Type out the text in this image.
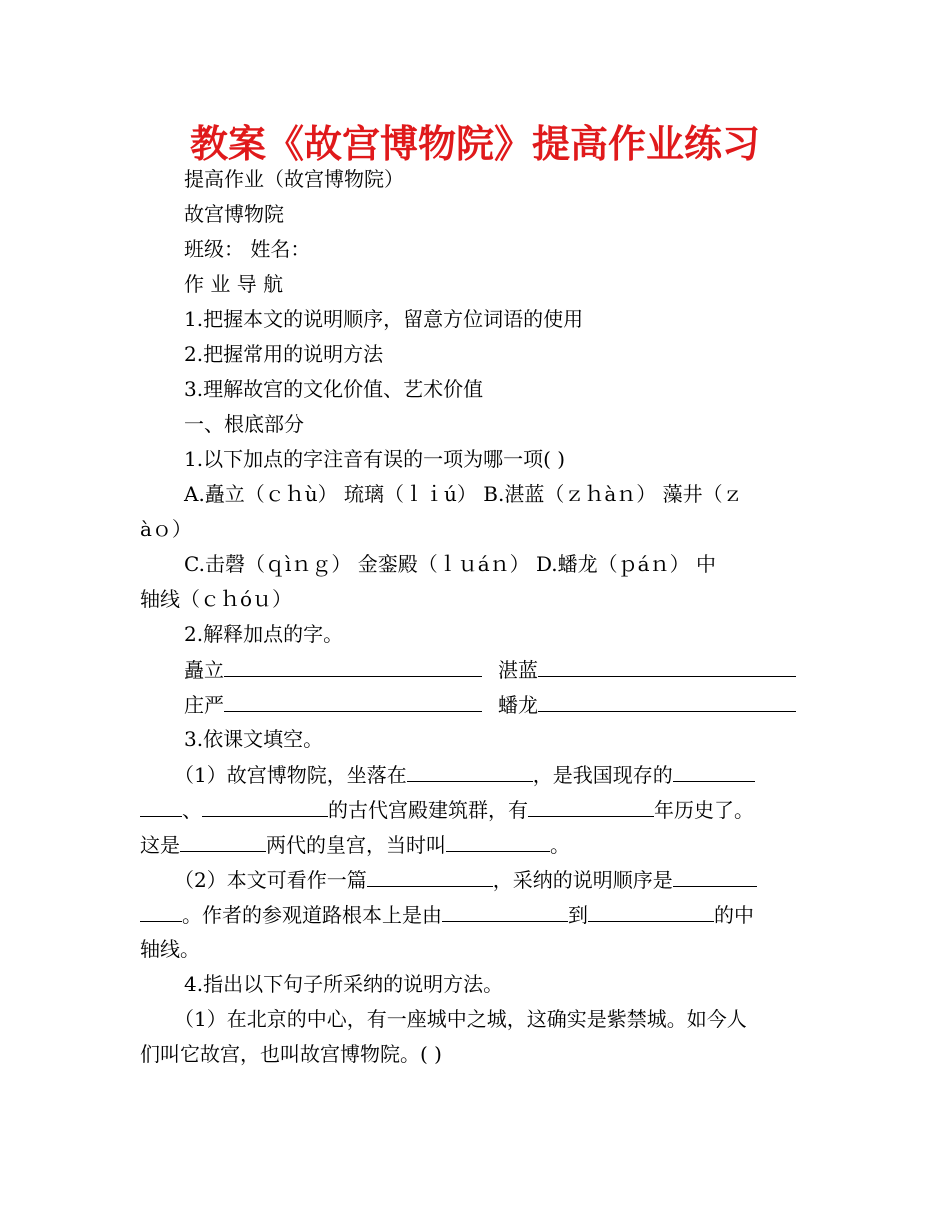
教案《故宫博物院》提高作业练习
提高作业（故宫博物院）
故宫博物院
班级： 姓名：
作 业 导 航
1.把握本文的说明顺序，留意方位词语的使用
2.把握常用的说明方法
3.理解故宫的文化价值、艺术价值
一、根底部分
1.以下加点的字注音有误的一项为哪一项( )
A.矗立（ｃｈù） 琉璃（ｌｉú） B.湛蓝（ｚｈàｎ） 藻井（ｚ
àｏ）
C.击磬（ｑìｎｇ） 金銮殿（ｌｕáｎ） D.蟠龙（ｐáｎ） 中
轴线（ｃｈóｕ）
2.解释加点的字。
矗立	湛蓝
庄严	蟠龙
3.依课文填空。
（1）故宫博物院，坐落在	，是我国现存的
、	的古代宫殿建筑群，有	年历史了。
这是	两代的皇宫，当时叫	。
（2）本文可看作一篇	，采纳的说明顺序是
。作者的参观道路根本上是由	到	的中
轴线。
4.指出以下句子所采纳的说明方法。
（1）在北京的中心，有一座城中之城，这确实是紫禁城。如今人
们叫它故宫，也叫故宫博物院。( )
